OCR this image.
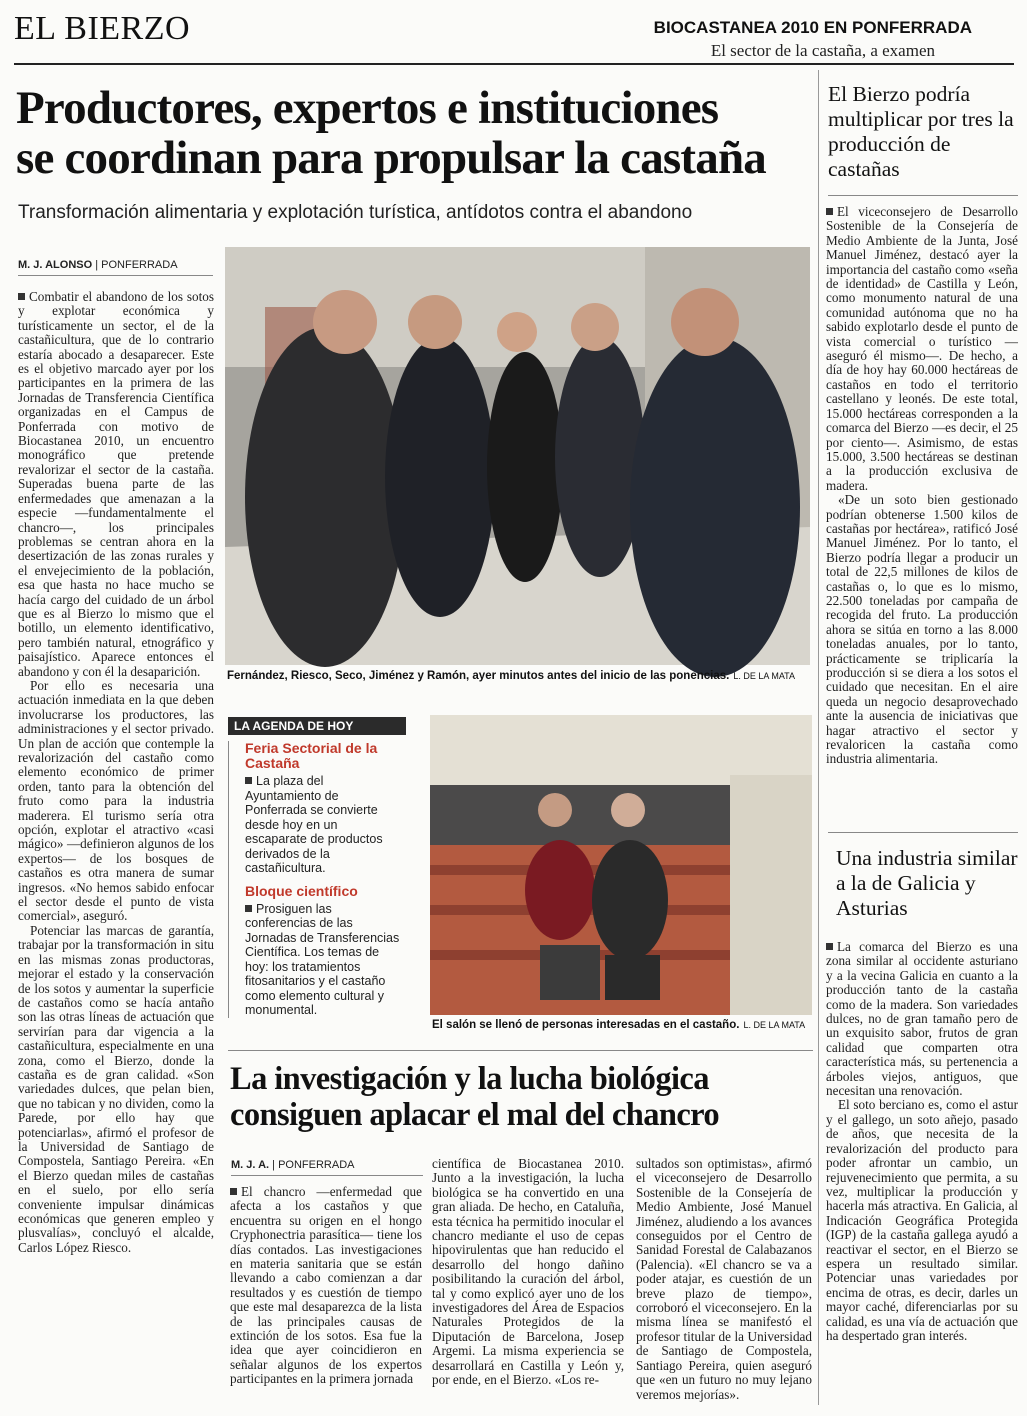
EL BIERZO	BIOCASTANEA 2010 EN PONFERRADA
El sector de la castaña, a examen
Productores, expertos e instituciones
se coordinan para propulsar la castaña
Transformación alimentaria y explotación turística, antídotos contra el abandono
M. J. ALONSO | PONFERRADA

Combatir el abandono de los sotos y explotar económica y turísticamente un sector, el de la castañicultura, que de lo contrario estaría abocado a desaparecer. Este es el objetivo marcado ayer por los participantes en la primera de las Jornadas de Transferencia Científica organizadas en el Campus de Ponferrada con motivo de Biocastanea 2010, un encuentro monográfico que pretende revalorizar el sector de la castaña. Superadas buena parte de las enfermedades que amenazan a la especie —fundamentalmente el chancro—, los principales problemas se centran ahora en la desertización de las zonas rurales y el envejecimiento de la población, esa que hasta no hace mucho se hacía cargo del cuidado de un árbol que es al Bierzo lo mismo que el botillo, un elemento identificativo, pero también natural, etnográfico y paisajístico. Aparece entonces el abandono y con él la desaparición.

Por ello es necesaria una actuación inmediata en la que deben involucrarse los productores, las administraciones y el sector privado. Un plan de acción que contemple la revalorización del castaño como elemento económico de primer orden, tanto para la obtención del fruto como para la industria maderera. El turismo sería otra opción, explotar el atractivo «casi mágico» —definieron algunos de los expertos— de los bosques de castaños es otra manera de sumar ingresos. «No hemos sabido enfocar el sector desde el punto de vista comercial», aseguró.

Potenciar las marcas de garantía, trabajar por la transformación in situ en las mismas zonas productoras, mejorar el estado y la conservación de los sotos y aumentar la superficie de castaños como se hacía antaño son las otras líneas de actuación que servirían para dar vigencia a la castañicultura, especialmente en una zona, como el Bierzo, donde la castaña es de gran calidad. «Son variedades dulces, que pelan bien, que no tabican y no dividen, como la Parede, por ello hay que potenciarlas», afirmó el profesor de la Universidad de Santiago de Compostela, Santiago Pereira. «En el Bierzo quedan miles de castañas en el suelo, por ello sería conveniente impulsar dinámicas económicas que generen empleo y plusvalías», concluyó el alcalde, Carlos López Riesco.

Fernández, Riesco, Seco, Jiménez y Ramón, ayer minutos antes del inicio de las ponencias. L. DE LA MATA
LA AGENDA DE HOY
Feria Sectorial de la Castaña
La plaza del Ayuntamiento de Ponferrada se convierte desde hoy en un escaparate de productos derivados de la castañicultura.
Bloque científico
Prosiguen las conferencias de las Jornadas de Transferencias Científica. Los temas de hoy: los tratamientos fitosanitarios y el castaño como elemento cultural y monumental.
El salón se llenó de personas interesadas en el castaño. L. DE LA MATA
El Bierzo podría multiplicar por tres la producción de castañas

El viceconsejero de Desarrollo Sostenible de la Consejería de Medio Ambiente de la Junta, José Manuel Jiménez, destacó ayer la importancia del castaño como «seña de identidad» de Castilla y León, como monumento natural de una comunidad autónoma que no ha sabido explotarlo desde el punto de vista comercial o turístico —aseguró él mismo—. De hecho, a día de hoy hay 60.000 hectáreas de castaños en todo el territorio castellano y leonés. De este total, 15.000 hectáreas corresponden a la comarca del Bierzo —es decir, el 25 por ciento—. Asimismo, de estas 15.000, 3.500 hectáreas se destinan a la producción exclusiva de madera.

«De un soto bien gestionado podrían obtenerse 1.500 kilos de castañas por hectárea», ratificó José Manuel Jiménez. Por lo tanto, el Bierzo podría llegar a producir un total de 22,5 millones de kilos de castañas o, lo que es lo mismo, 22.500 toneladas por campaña de recogida del fruto. La producción ahora se sitúa en torno a las 8.000 toneladas anuales, por lo tanto, prácticamente se triplicaría la producción si se diera a los sotos el cuidado que necesitan. En el aire queda un negocio desaprovechado ante la ausencia de iniciativas que hagar atractivo el sector y revaloricen la castaña como industria alimentaria.

Una industria similar a la de Galicia y Asturias

La comarca del Bierzo es una zona similar al occidente asturiano y a la vecina Galicia en cuanto a la producción tanto de la castaña como de la madera. Son variedades dulces, no de gran tamaño pero de un exquisito sabor, frutos de gran calidad que comparten otra característica más, su pertenencia a árboles viejos, antiguos, que necesitan una renovación.

El soto berciano es, como el astur y el gallego, un soto añejo, pasado de años, que necesita de la revalorización del producto para poder afrontar un cambio, un rejuvenecimiento que permita, a su vez, multiplicar la producción y hacerla más atractiva. En Galicia, al Indicación Geográfica Protegida (IGP) de la castaña gallega ayudó a reactivar el sector, en el Bierzo se espera un resultado similar. Potenciar unas variedades por encima de otras, es decir, darles un mayor caché, diferenciarlas por su calidad, es una vía de actuación que ha despertado gran interés.

La investigación y la lucha biológica
consiguen aplacar el mal del chancro
M. J. A. | PONFERRADA

El chancro —enfermedad que afecta a los castaños y que encuentra su origen en el hongo Cryphonectria parasítica— tiene los días contados. Las investigaciones en materia sanitaria que se están llevando a cabo comienzan a dar resultados y es cuestión de tiempo que este mal desaparezca de la lista de las principales causas de extinción de los sotos. Esa fue la idea que ayer coincidieron en señalar algunos de los expertos participantes en la primera jornada

científica de Biocastanea 2010. Junto a la investigación, la lucha biológica se ha convertido en una gran aliada. De hecho, en Cataluña, esta técnica ha permitido inocular el chancro mediante el uso de cepas hipovirulentas que han reducido el desarrollo del hongo dañino posibilitando la curación del árbol, tal y como explicó ayer uno de los investigadores del Área de Espacios Naturales Protegidos de la Diputación de Barcelona, Josep Argemi. La misma experiencia se desarrollará en Castilla y León y, por ende, en el Bierzo. «Los re-

sultados son optimistas», afirmó el viceconsejero de Desarrollo Sostenible de la Consejería de Medio Ambiente, José Manuel Jiménez, aludiendo a los avances conseguidos por el Centro de Sanidad Forestal de Calabazanos (Palencia). «El chancro se va a poder atajar, es cuestión de un breve plazo de tiempo», corroboró el viceconsejero. En la misma línea se manifestó el profesor titular de la Universidad de Santiago de Compostela, Santiago Pereira, quien aseguró que «en un futuro no muy lejano veremos mejorías».
